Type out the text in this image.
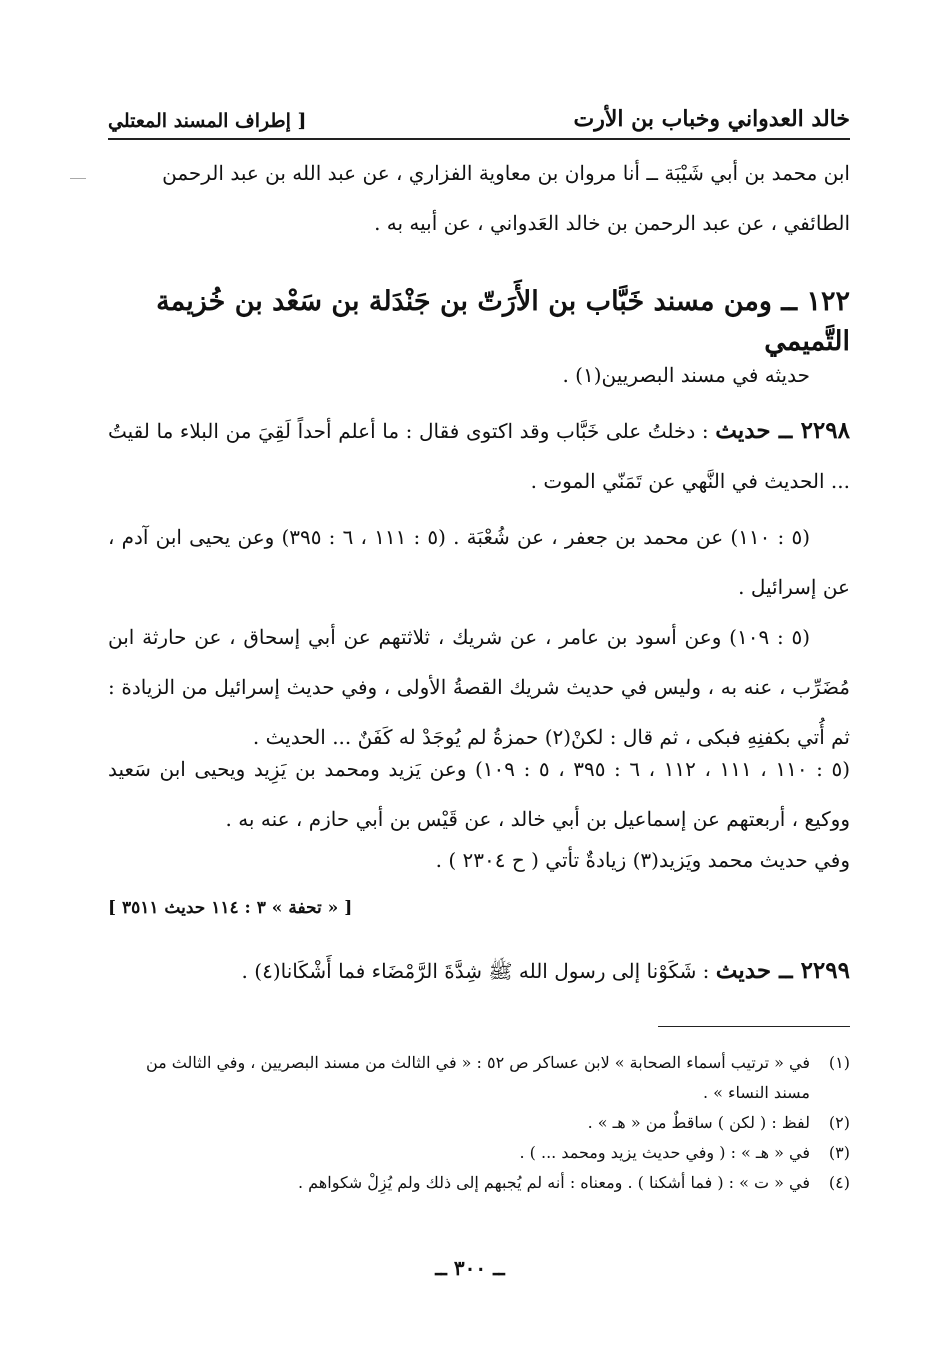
خالد العدواني وخباب بن الأرت
[ إطراف المسند المعتلي
ابن محمد بن أبي شَيْبَة ــ أنا مروان بن معاوية الفزاري ، عن عبد الله بن عبد الرحمن
الطائفي ، عن عبد الرحمن بن خالد العَدواني ، عن أبيه به .
١٢٢ ــ ومن مسند خَبَّاب بن الأَرَتّ بن جَنْدَلة بن سَعْد بن خُزيمة التَّميمي
حديثه في مسند البصريين(١) .
٢٢٩٨ ــ حديث : دخلتُ على خَبَّاب وقد اكتوى فقال : ما أعلم أحداً لَقِيَ من البلاء ما لقيتُ ... الحديث في النَّهي عن تَمَنّي الموت .
(٥ : ١١٠) عن محمد بن جعفر ، عن شُعْبَة . (٥ : ١١١ ، ٦ : ٣٩٥) وعن يحيى ابن آدم ، عن إسرائيل .
(٥ : ١٠٩) وعن أسود بن عامر ، عن شريك ، ثلاثتهم عن أبي إسحاق ، عن حارثة ابن مُضَرِّب ، عنه به ، وليس في حديث شريك القصةُ الأولى ، وفي حديث إسرائيل من الزيادة : ثم أُتي بكفنِهِ فبكى ، ثم قال : لكنْ(٢) حمزةُ لم يُوجَدْ له كَفَنٌ ... الحديث .
(٥ : ١١٠ ، ١١١ ، ١١٢ ، ٦ : ٣٩٥ ، ٥ : ١٠٩) وعن يَزيد ومحمد بن يَزِيد ويحيى ابن سَعيد ووكيع ، أربعتهم عن إسماعيل بن أبي خالد ، عن قَيْس بن أبي حازم ، عنه به .
وفي حديث محمد ويَزيد(٣) زيادةٌ تأتي ( ح ٢٣٠٤ ) .
[ « تحفة » ٣ : ١١٤ حديث ٣٥١١ ]
٢٢٩٩ ــ حديث : شَكَوْنا إلى رسول الله ﷺ شِدَّةَ الرَّمْضَاء فما أَشْكَانا(٤) .
(١)
في « ترتيب أسماء الصحابة » لابن عساكر ص ٥٢ : « في الثالث من مسند البصريين ، وفي الثالث من مسند النساء » .
(٢)
لفظ : ( لكن ) ساقطٌ من « هـ » .
(٣)
في « هـ » : ( وفي حديث يزيد ومحمد ... ) .
(٤)
في « ت » : ( فما أشكنا ) . ومعناه : أنه لم يُجبهم إلى ذلك ولم يُزِلْ شكواهم .
ــ ٣٠٠ ــ
